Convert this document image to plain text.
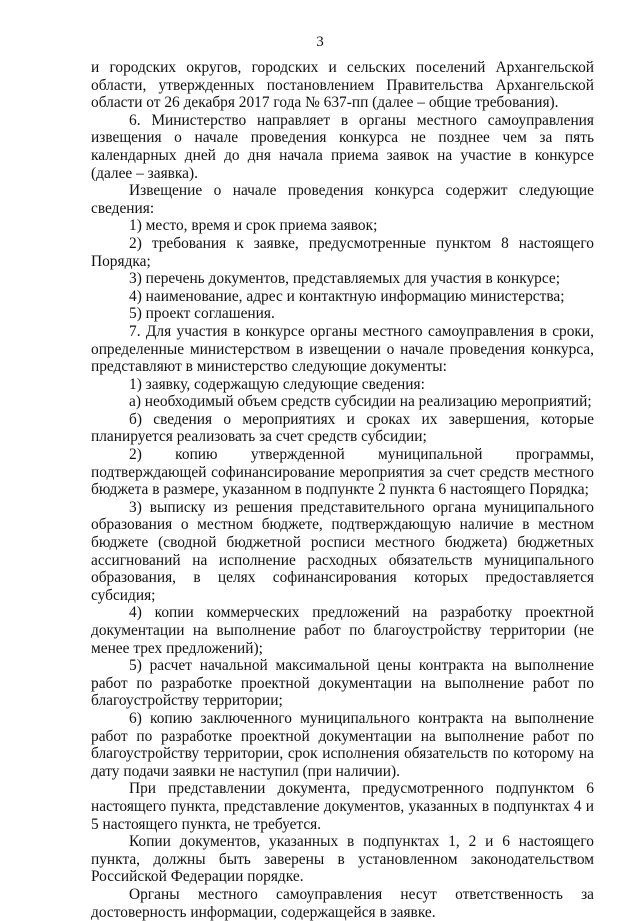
3

и городских округов, городских и сельских поселений Архангельской области, утвержденных постановлением Правительства Архангельской области от 26 декабря 2017 года № 637-пп (далее – общие требования).

6. Министерство направляет в органы местного самоуправления извещения о начале проведения конкурса не позднее чем за пять календарных дней до дня начала приема заявок на участие в конкурсе (далее – заявка).

Извещение о начале проведения конкурса содержит следующие сведения:

1) место, время и срок приема заявок;

2) требования к заявке, предусмотренные пунктом 8 настоящего Порядка;

3) перечень документов, представляемых для участия в конкурсе;

4) наименование, адрес и контактную информацию министерства;

5) проект соглашения.

7. Для участия в конкурсе органы местного самоуправления в сроки, определенные министерством в извещении о начале проведения конкурса, представляют в министерство следующие документы:

1) заявку, содержащую следующие сведения:

а) необходимый объем средств субсидии на реализацию мероприятий;

б) сведения о мероприятиях и сроках их завершения, которые планируется реализовать за счет средств субсидии;

2) копию утвержденной муниципальной программы, подтверждающей софинансирование мероприятия за счет средств местного бюджета в размере, указанном в подпункте 2 пункта 6 настоящего Порядка;

3) выписку из решения представительного органа муниципального образования о местном бюджете, подтверждающую наличие в местном бюджете (сводной бюджетной росписи местного бюджета) бюджетных ассигнований на исполнение расходных обязательств муниципального образования, в целях софинансирования которых предоставляется субсидия;

4) копии коммерческих предложений на разработку проектной документации на выполнение работ по благоустройству территории (не менее трех предложений);

5) расчет начальной максимальной цены контракта на выполнение работ по разработке проектной документации на выполнение работ по благоустройству территории;

6) копию заключенного муниципального контракта на выполнение работ по разработке проектной документации на выполнение работ по благоустройству территории, срок исполнения обязательств по которому на дату подачи заявки не наступил (при наличии).

При представлении документа, предусмотренного подпунктом 6 настоящего пункта, представление документов, указанных в подпунктах 4 и 5 настоящего пункта, не требуется.

Копии документов, указанных в подпунктах 1, 2 и 6 настоящего пункта, должны быть заверены в установленном законодательством Российской Федерации порядке.

Органы местного самоуправления несут ответственность за достоверность информации, содержащейся в заявке.
